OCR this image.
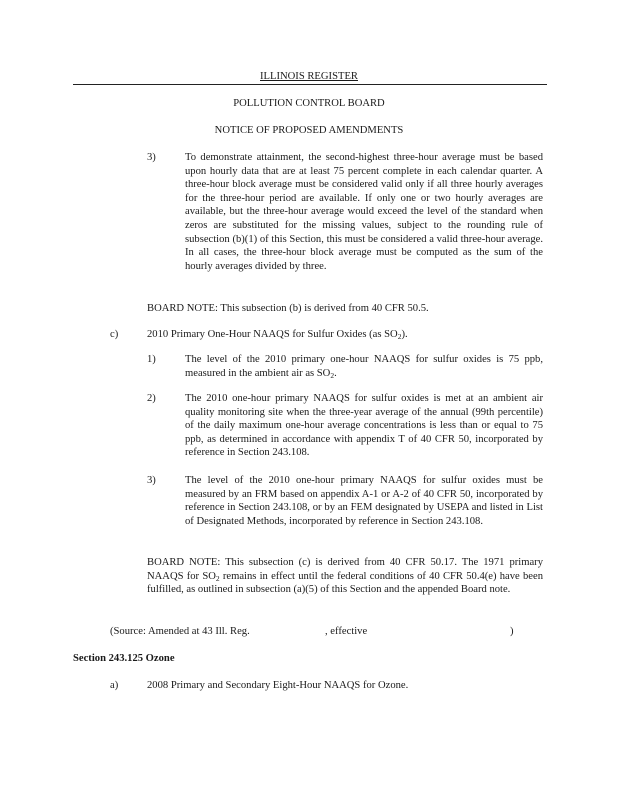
ILLINOIS REGISTER
POLLUTION CONTROL BOARD
NOTICE OF PROPOSED AMENDMENTS
3)	To demonstrate attainment, the second-highest three-hour average must be based upon hourly data that are at least 75 percent complete in each calendar quarter. A three-hour block average must be considered valid only if all three hourly averages for the three-hour period are available. If only one or two hourly averages are available, but the three-hour average would exceed the level of the standard when zeros are substituted for the missing values, subject to the rounding rule of subsection (b)(1) of this Section, this must be considered a valid three-hour average. In all cases, the three-hour block average must be computed as the sum of the hourly averages divided by three.
BOARD NOTE: This subsection (b) is derived from 40 CFR 50.5.
c)	2010 Primary One-Hour NAAQS for Sulfur Oxides (as $SO_2$).
1)	The level of the 2010 primary one-hour NAAQS for sulfur oxides is 75 ppb, measured in the ambient air as $SO_2$.
2)	The 2010 one-hour primary NAAQS for sulfur oxides is met at an ambient air quality monitoring site when the three-year average of the annual (99th percentile) of the daily maximum one-hour average concentrations is less than or equal to 75 ppb, as determined in accordance with appendix T of 40 CFR 50, incorporated by reference in Section 243.108.
3)	The level of the 2010 one-hour primary NAAQS for sulfur oxides must be measured by an FRM based on appendix A-1 or A-2 of 40 CFR 50, incorporated by reference in Section 243.108, or by an FEM designated by USEPA and listed in List of Designated Methods, incorporated by reference in Section 243.108.
BOARD NOTE: This subsection (c) is derived from 40 CFR 50.17. The 1971 primary NAAQS for $SO_2$ remains in effect until the federal conditions of 40 CFR 50.4(e) have been fulfilled, as outlined in subsection (a)(5) of this Section and the appended Board note.
(Source: Amended at 43 Ill. Reg.	, effective	)
Section 243.125 Ozone
a)	2008 Primary and Secondary Eight-Hour NAAQS for Ozone.
